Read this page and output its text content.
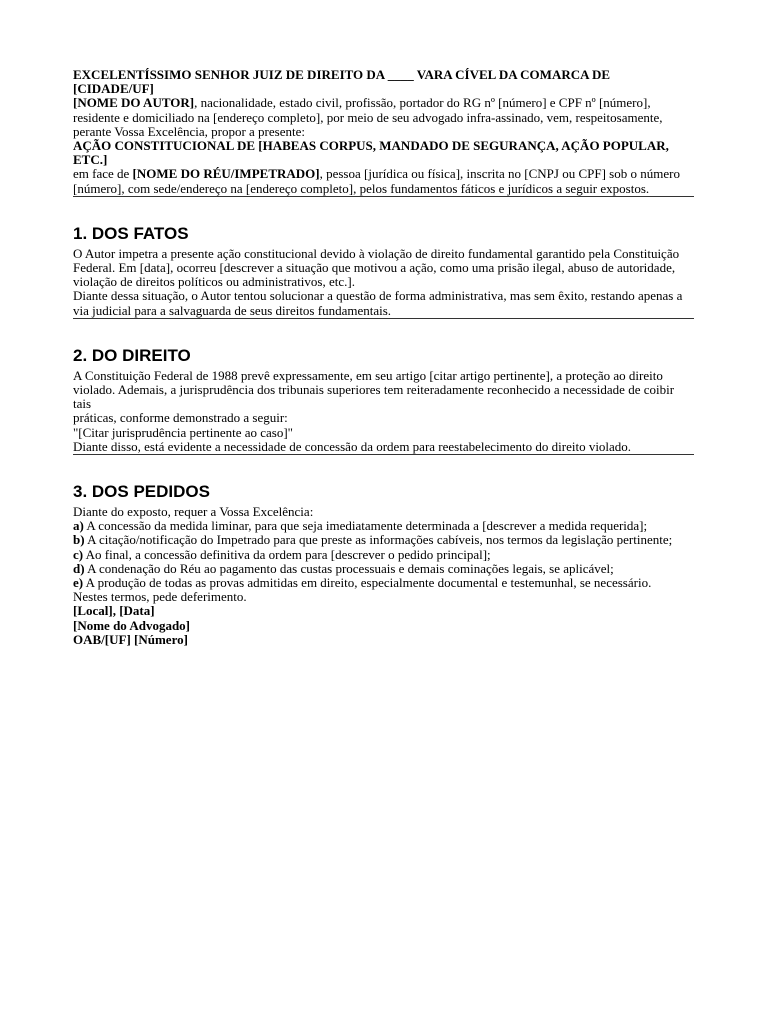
EXCELENTÍSSIMO SENHOR JUIZ DE DIREITO DA ____ VARA CÍVEL DA COMARCA DE [CIDADE/UF]
[NOME DO AUTOR], nacionalidade, estado civil, profissão, portador do RG nº [número] e CPF nº [número],
residente e domiciliado na [endereço completo], por meio de seu advogado infra-assinado, vem, respeitosamente,
perante Vossa Excelência, propor a presente:
AÇÃO CONSTITUCIONAL DE [HABEAS CORPUS, MANDADO DE SEGURANÇA, AÇÃO POPULAR,
ETC.]
em face de [NOME DO RÉU/IMPETRADO], pessoa [jurídica ou física], inscrita no [CNPJ ou CPF] sob o número
[número], com sede/endereço na [endereço completo], pelos fundamentos fáticos e jurídicos a seguir expostos.
1. DOS FATOS
O Autor impetra a presente ação constitucional devido à violação de direito fundamental garantido pela Constituição
Federal. Em [data], ocorreu [descrever a situação que motivou a ação, como uma prisão ilegal, abuso de autoridade,
violação de direitos políticos ou administrativos, etc.].
Diante dessa situação, o Autor tentou solucionar a questão de forma administrativa, mas sem êxito, restando apenas a
via judicial para a salvaguarda de seus direitos fundamentais.
2. DO DIREITO
A Constituição Federal de 1988 prevê expressamente, em seu artigo [citar artigo pertinente], a proteção ao direito
violado. Ademais, a jurisprudência dos tribunais superiores tem reiteradamente reconhecido a necessidade de coibir tais
práticas, conforme demonstrado a seguir:
"[Citar jurisprudência pertinente ao caso]"
Diante disso, está evidente a necessidade de concessão da ordem para reestabelecimento do direito violado.
3. DOS PEDIDOS
Diante do exposto, requer a Vossa Excelência:
a) A concessão da medida liminar, para que seja imediatamente determinada a [descrever a medida requerida];
b) A citação/notificação do Impetrado para que preste as informações cabíveis, nos termos da legislação pertinente;
c) Ao final, a concessão definitiva da ordem para [descrever o pedido principal];
d) A condenação do Réu ao pagamento das custas processuais e demais cominações legais, se aplicável;
e) A produção de todas as provas admitidas em direito, especialmente documental e testemunhal, se necessário.
Nestes termos, pede deferimento.
[Local], [Data]
[Nome do Advogado]
OAB/[UF] [Número]
